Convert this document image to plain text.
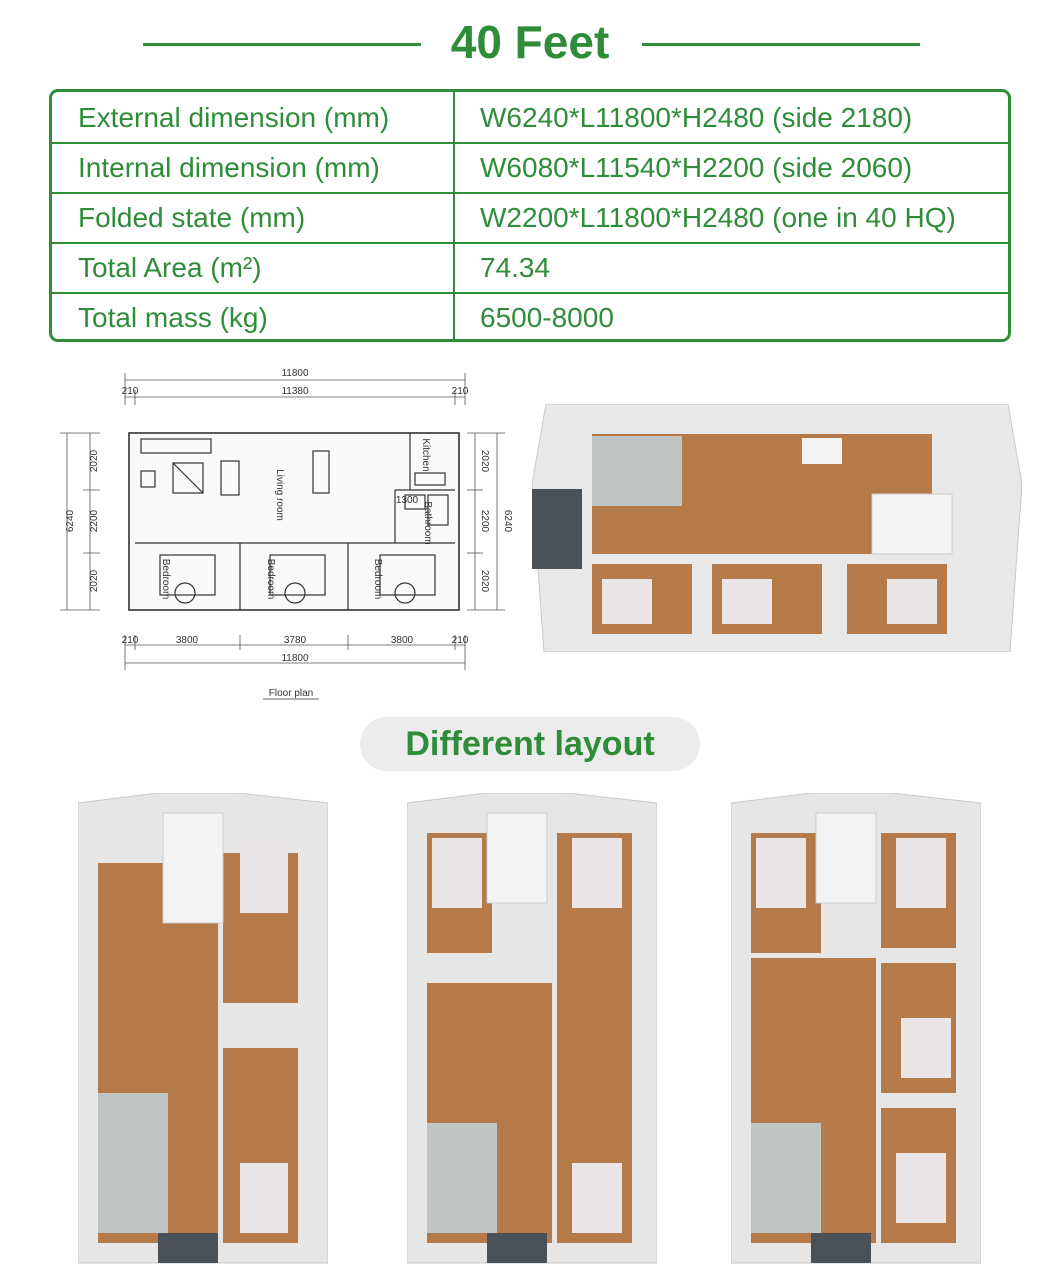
40 Feet
External dimension (mm)	W6240*L11800*H2480 (side 2180)
Internal dimension (mm)	W6080*L11540*H2200 (side 2060)
Folded state (mm)	W2200*L11800*H2480 (one in 40 HQ)
Total Area (m²)	74.34
Total mass (kg)	6500-8000
11800
11380
210	210
3800	3780	3800
210	210
11800
6240
2020
2200
2020
6240
2020
2200
2020
1300
Living room
Kitchen
Bathroom
Bedroom	Bedroom	Bedroom
Floor plan
Different layout
